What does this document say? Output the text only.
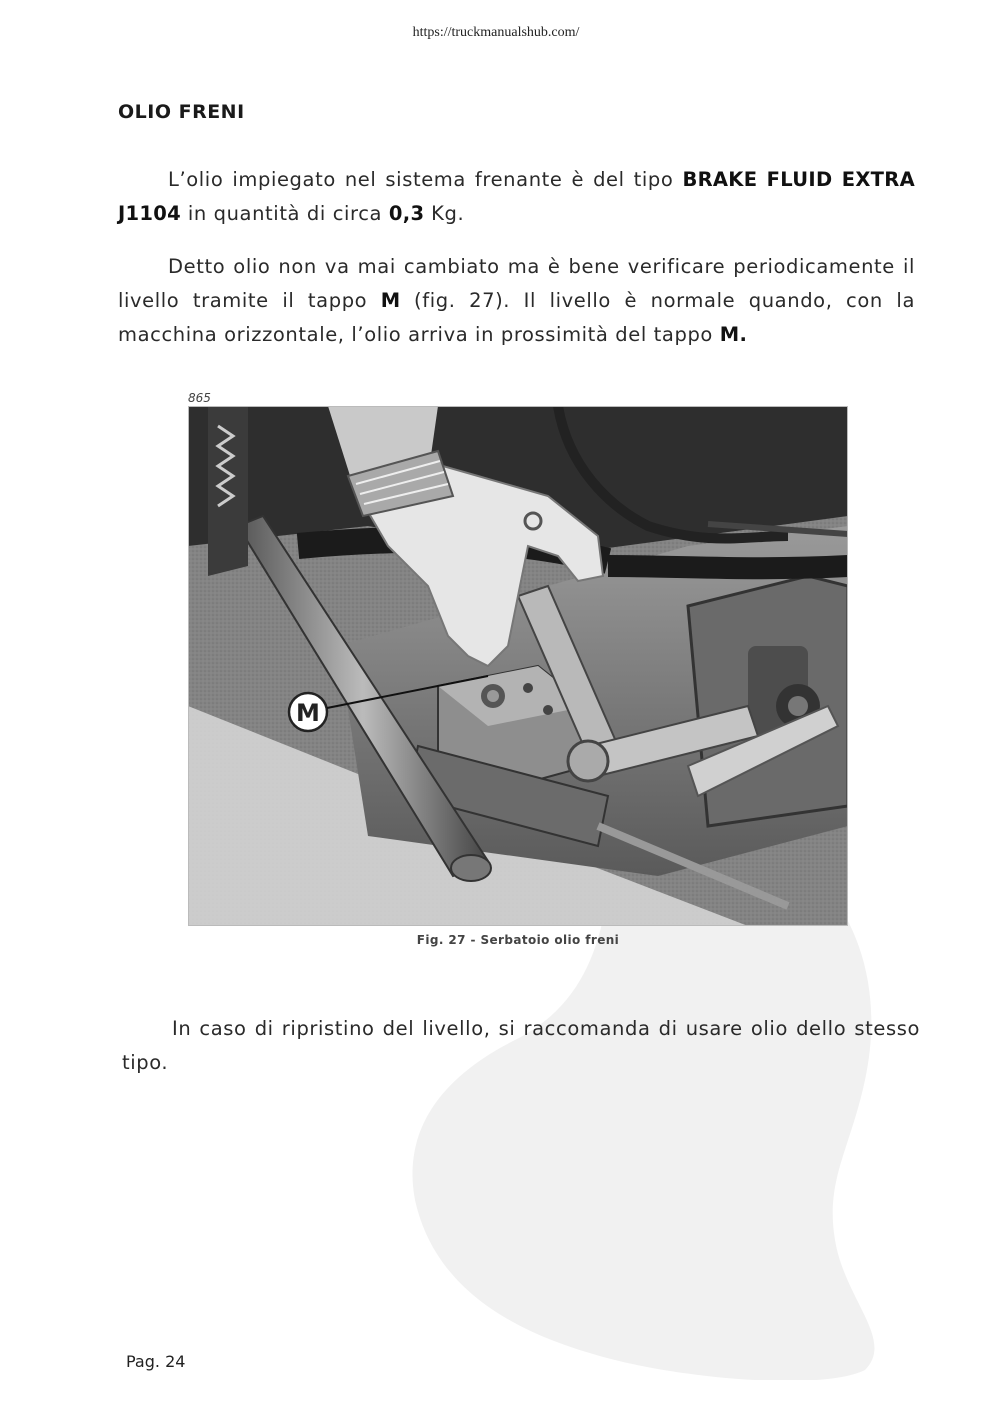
https://truckmanualshub.com/
OLIO FRENI

L’olio impiegato nel sistema frenante è del tipo BRAKE FLUID EXTRA J1104 in quantità di circa 0,3 Kg.

Detto olio non va mai cambiato ma è bene verificare periodicamente il livello tramite il tappo M (fig. 27). Il livello è normale quando, con la macchina orizzontale, l’olio arriva in prossimità del tappo M.

865
M
Fig. 27 - Serbatoio olio freni

In caso di ripristino del livello, si raccomanda di usare olio dello stesso tipo.

Pag. 24
